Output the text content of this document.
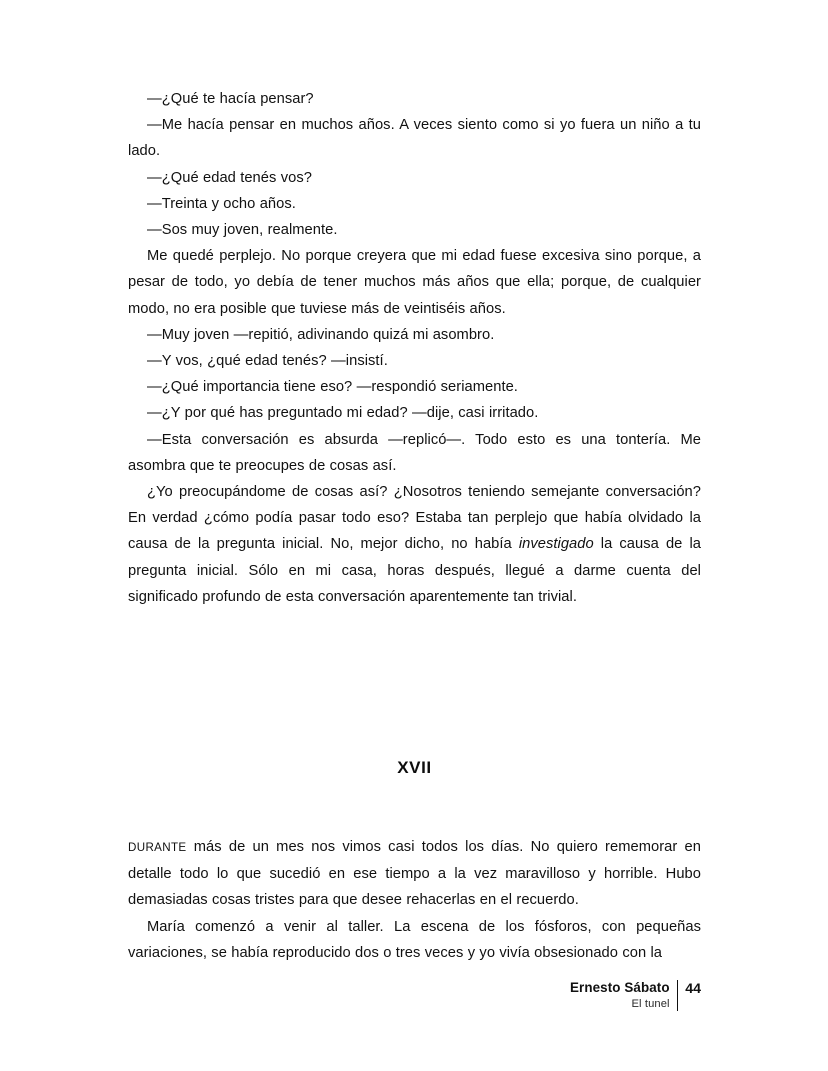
—¿Qué te hacía pensar?

—Me hacía pensar en muchos años. A veces siento como si yo fuera un niño a tu lado.

—¿Qué edad tenés vos?

—Treinta y ocho años.

—Sos muy joven, realmente.

Me quedé perplejo. No porque creyera que mi edad fuese excesiva sino porque, a pesar de todo, yo debía de tener muchos más años que ella; porque, de cualquier modo, no era posible que tuviese más de veintiséis años.

—Muy joven —repitió, adivinando quizá mi asombro.

—Y vos, ¿qué edad tenés? —insistí.

—¿Qué importancia tiene eso? —respondió seriamente.

—¿Y por qué has preguntado mi edad? —dije, casi irritado.

—Esta conversación es absurda —replicó—. Todo esto es una tontería. Me asombra que te preocupes de cosas así.

¿Yo preocupándome de cosas así? ¿Nosotros teniendo semejante conversación? En verdad ¿cómo podía pasar todo eso? Estaba tan perplejo que había olvidado la causa de la pregunta inicial. No, mejor dicho, no había investigado la causa de la pregunta inicial. Sólo en mi casa, horas después, llegué a darme cuenta del significado profundo de esta conversación aparentemente tan trivial.

XVII

DURANTE más de un mes nos vimos casi todos los días. No quiero rememorar en detalle todo lo que sucedió en ese tiempo a la vez maravilloso y horrible. Hubo demasiadas cosas tristes para que desee rehacerlas en el recuerdo.

María comenzó a venir al taller. La escena de los fósforos, con pequeñas variaciones, se había reproducido dos o tres veces y yo vivía obsesionado con la

Ernesto Sábato
El tunel
44
